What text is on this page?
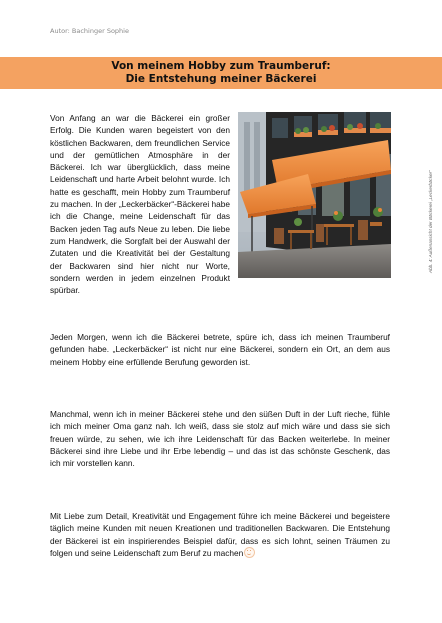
Autor: Bachinger Sophie
Von meinem Hobby zum Traumberuf:
Die Entstehung meiner Bäckerei
Von Anfang an war die Bäckerei ein großer Erfolg. Die Kunden waren begeistert von den köstlichen Backwaren, dem freundlichen Service und der gemütlichen Atmosphäre in der Bäckerei. Ich war überglücklich, dass meine Leidenschaft und harte Arbeit belohnt wurde. Ich hatte es geschafft, mein Hobby zum Traumberuf zu machen. In der „Leckerbäcker“-Bäckerei habe ich die Change, meine Leidenschaft für das Backen jeden Tag aufs Neue zu leben. Die liebe zum Handwerk, die Sorgfalt bei der Auswahl der Zutaten und die Kreativität bei der Gestaltung der Backwaren sind hier nicht nur Worte, sondern werden in jedem einzelnen Produkt spürbar.
Abb. 4: Außenansicht der Bäckerei „Leckerbäcker“
Jeden Morgen, wenn ich die Bäckerei betrete, spüre ich, dass ich meinen Traumberuf gefunden habe. „Leckerbäcker“ ist nicht nur eine Bäckerei, sondern ein Ort, an dem aus meinem Hobby eine erfüllende Berufung geworden ist.
Manchmal, wenn ich in meiner Bäckerei stehe und den süßen Duft in der Luft rieche, fühle ich mich meiner Oma ganz nah. Ich weiß, dass sie stolz auf mich wäre und dass sie sich freuen würde, zu sehen, wie ich ihre Leidenschaft für das Backen weiterlebe. In meiner Bäckerei sind ihre Liebe und ihr Erbe lebendig – und das ist das schönste Geschenk, das ich mir vorstellen kann.
Mit Liebe zum Detail, Kreativität und Engagement führe ich meine Bäckerei und begeistere täglich meine Kunden mit neuen Kreationen und traditionellen Backwaren. Die Entstehung der Bäckerei ist ein inspirierendes Beispiel dafür, dass es sich lohnt, seinen Träumen zu folgen und seine Leidenschaft zum Beruf zu machen
